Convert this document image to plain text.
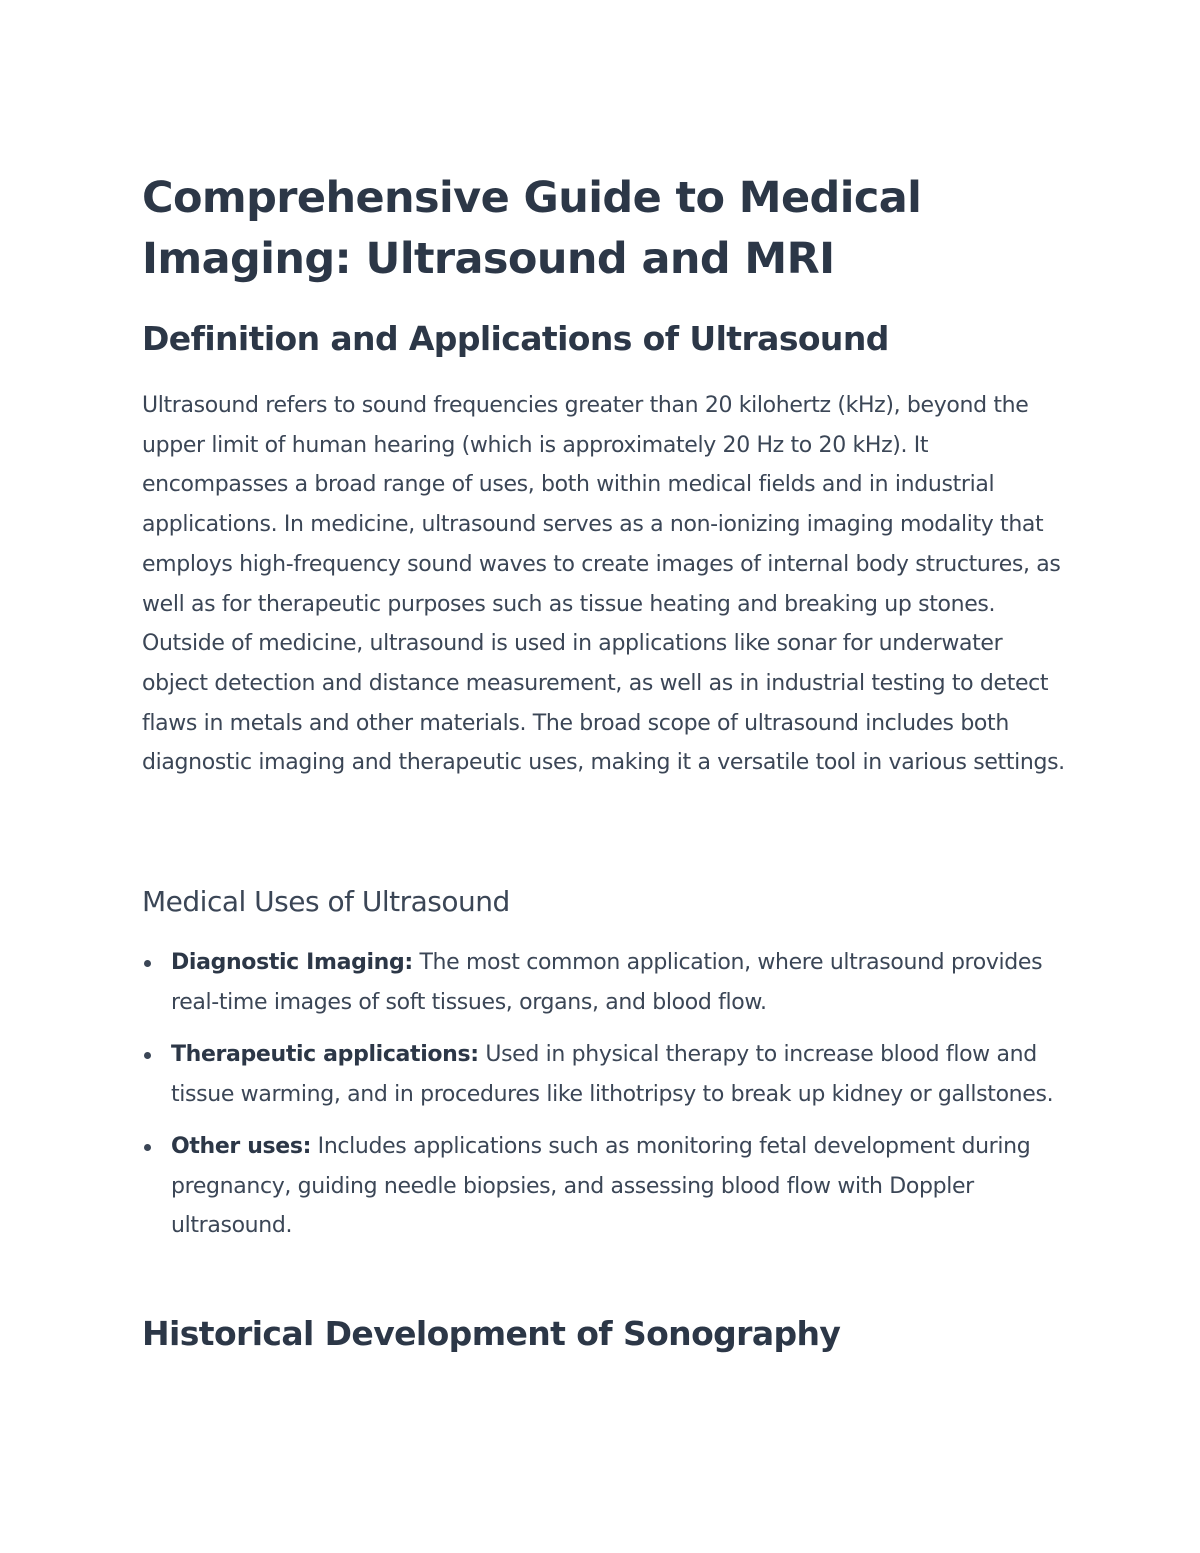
Comprehensive Guide to Medical Imaging: Ultrasound and MRI
Definition and Applications of Ultrasound

Ultrasound refers to sound frequencies greater than 20 kilohertz (kHz), beyond the upper limit of human hearing (which is approximately 20 Hz to 20 kHz). It encompasses a broad range of uses, both within medical fields and in industrial applications. In medicine, ultrasound serves as a non-ionizing imaging modality that employs high-frequency sound waves to create images of internal body structures, as well as for therapeutic purposes such as tissue heating and breaking up stones. Outside of medicine, ultrasound is used in applications like sonar for underwater object detection and distance measurement, as well as in industrial testing to detect flaws in metals and other materials. The broad scope of ultrasound includes both diagnostic imaging and therapeutic uses, making it a versatile tool in various settings.

Medical Uses of Ultrasound
Diagnostic Imaging: The most common application, where ultrasound provides real-time images of soft tissues, organs, and blood flow.
Therapeutic applications: Used in physical therapy to increase blood flow and tissue warming, and in procedures like lithotripsy to break up kidney or gallstones.
Other uses: Includes applications such as monitoring fetal development during pregnancy, guiding needle biopsies, and assessing blood flow with Doppler ultrasound.
Historical Development of Sonography
